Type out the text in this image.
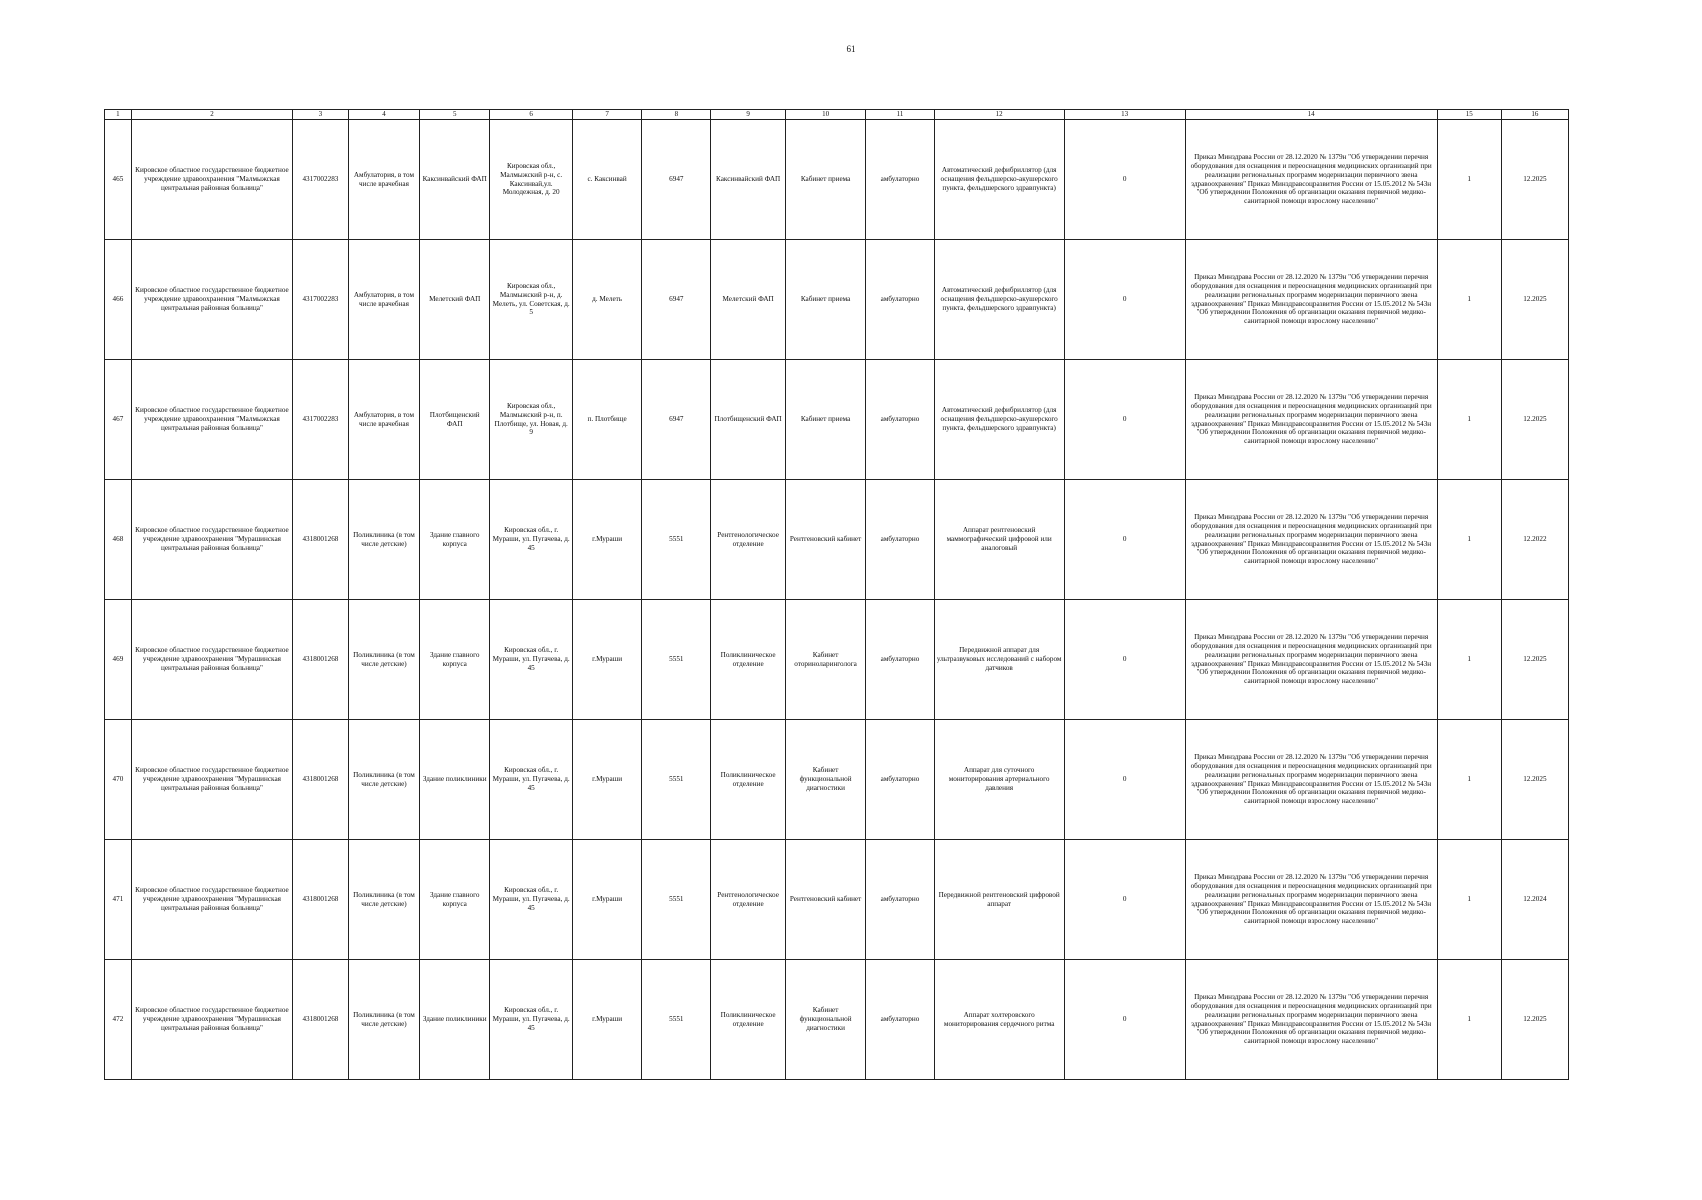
61
1	2	3	4	5	6	7	8	9	10	11	12	13	14	15	16
465	Кировское областное государственное бюджетное учреждение здравоохранения "Малмыжская центральная районная больница"	4317002283	Амбулатория, в том числе врачебная	Каксинвайский ФАП	Кировская обл., Малмыжский р-н, с. Каксинвай,ул. Молодежная, д. 20	с. Каксинвай	6947	Каксинвайский ФАП	Кабинет приема	амбулаторно	Автоматический дефибриллятор (для оснащения фельдшерско-акушерского пункта, фельдшерского здравпункта)	0	Приказ Минздрава России от 28.12.2020 № 1379н "Об утверждении перечня оборудования для оснащения и переоснащения медицинских организаций при реализации региональных программ модернизации первичного звена здравоохранения" Приказ Минздравсоцразвития России от 15.05.2012 № 543н "Об утверждении Положения об организации оказания первичной медико-санитарной помощи взрослому населению"	1	12.2025
466	Кировское областное государственное бюджетное учреждение здравоохранения "Малмыжская центральная районная больница"	4317002283	Амбулатория, в том числе врачебная	Мелетский ФАП	Кировская обл., Малмыжский р-н, д. Мелеть, ул. Советская, д. 5	д. Мелеть	6947	Мелетский ФАП	Кабинет приема	амбулаторно	Автоматический дефибриллятор (для оснащения фельдшерско-акушерского пункта, фельдшерского здравпункта)	0	Приказ Минздрава России от 28.12.2020 № 1379н "Об утверждении перечня оборудования для оснащения и переоснащения медицинских организаций при реализации региональных программ модернизации первичного звена здравоохранения" Приказ Минздравсоцразвития России от 15.05.2012 № 543н "Об утверждении Положения об организации оказания первичной медико-санитарной помощи взрослому населению"	1	12.2025
467	Кировское областное государственное бюджетное учреждение здравоохранения "Малмыжская центральная районная больница"	4317002283	Амбулатория, в том числе врачебная	Плотбищенский ФАП	Кировская обл., Малмыжский р-н, п. Плотбище, ул. Новая, д. 9	п. Плотбище	6947	Плотбищенский ФАП	Кабинет приема	амбулаторно	Автоматический дефибриллятор (для оснащения фельдшерско-акушерского пункта, фельдшерского здравпункта)	0	Приказ Минздрава России от 28.12.2020 № 1379н "Об утверждении перечня оборудования для оснащения и переоснащения медицинских организаций при реализации региональных программ модернизации первичного звена здравоохранения" Приказ Минздравсоцразвития России от 15.05.2012 № 543н "Об утверждении Положения об организации оказания первичной медико-санитарной помощи взрослому населению"	1	12.2025
468	Кировское областное государственное бюджетное учреждение здравоохранения "Мурашинская центральная районная больница"	4318001268	Поликлиника (в том числе детские)	Здание главного корпуса	Кировская обл., г. Мураши, ул. Пугачева, д. 45	г.Мураши	5551	Рентгенологическое отделение	Рентгеновский кабинет	амбулаторно	Аппарат рентгеновский маммографический цифровой или аналоговый	0	Приказ Минздрава России от 28.12.2020 № 1379н "Об утверждении перечня оборудования для оснащения и переоснащения медицинских организаций при реализации региональных программ модернизации первичного звена здравоохранения" Приказ Минздравсоцразвития России от 15.05.2012 № 543н "Об утверждении Положения об организации оказания первичной медико-санитарной помощи взрослому населению"	1	12.2022
469	Кировское областное государственное бюджетное учреждение здравоохранения "Мурашинская центральная районная больница"	4318001268	Поликлиника (в том числе детские)	Здание главного корпуса	Кировская обл., г. Мураши, ул. Пугачева, д. 45	г.Мураши	5551	Поликлиническое отделение	Кабинет оториноларинголога	амбулаторно	Передвижной аппарат для ультразвуковых исследований с набором датчиков	0	Приказ Минздрава России от 28.12.2020 № 1379н "Об утверждении перечня оборудования для оснащения и переоснащения медицинских организаций при реализации региональных программ модернизации первичного звена здравоохранения" Приказ Минздравсоцразвития России от 15.05.2012 № 543н "Об утверждении Положения об организации оказания первичной медико-санитарной помощи взрослому населению"	1	12.2025
470	Кировское областное государственное бюджетное учреждение здравоохранения "Мурашинская центральная районная больница"	4318001268	Поликлиника (в том числе детские)	Здание поликлиники	Кировская обл., г. Мураши, ул. Пугачева, д. 45	г.Мураши	5551	Поликлиническое отделение	Кабинет функциональной диагностики	амбулаторно	Аппарат для суточного мониторирования артериального давления	0	Приказ Минздрава России от 28.12.2020 № 1379н "Об утверждении перечня оборудования для оснащения и переоснащения медицинских организаций при реализации региональных программ модернизации первичного звена здравоохранения" Приказ Минздравсоцразвития России от 15.05.2012 № 543н "Об утверждении Положения об организации оказания первичной медико-санитарной помощи взрослому населению"	1	12.2025
471	Кировское областное государственное бюджетное учреждение здравоохранения "Мурашинская центральная районная больница"	4318001268	Поликлиника (в том числе детские)	Здание главного корпуса	Кировская обл., г. Мураши, ул. Пугачева, д. 45	г.Мураши	5551	Рентгенологическое отделение	Рентгеновский кабинет	амбулаторно	Передвижной рентгеновский цифровой аппарат	0	Приказ Минздрава России от 28.12.2020 № 1379н "Об утверждении перечня оборудования для оснащения и переоснащения медицинских организаций при реализации региональных программ модернизации первичного звена здравоохранения" Приказ Минздравсоцразвития России от 15.05.2012 № 543н "Об утверждении Положения об организации оказания первичной медико-санитарной помощи взрослому населению"	1	12.2024
472	Кировское областное государственное бюджетное учреждение здравоохранения "Мурашинская центральная районная больница"	4318001268	Поликлиника (в том числе детские)	Здание поликлиники	Кировская обл., г. Мураши, ул. Пугачева, д. 45	г.Мураши	5551	Поликлиническое отделение	Кабинет функциональной диагностики	амбулаторно	Аппарат холтеровского мониторирования сердечного ритма	0	Приказ Минздрава России от 28.12.2020 № 1379н "Об утверждении перечня оборудования для оснащения и переоснащения медицинских организаций при реализации региональных программ модернизации первичного звена здравоохранения" Приказ Минздравсоцразвития России от 15.05.2012 № 543н "Об утверждении Положения об организации оказания первичной медико-санитарной помощи взрослому населению"	1	12.2025
